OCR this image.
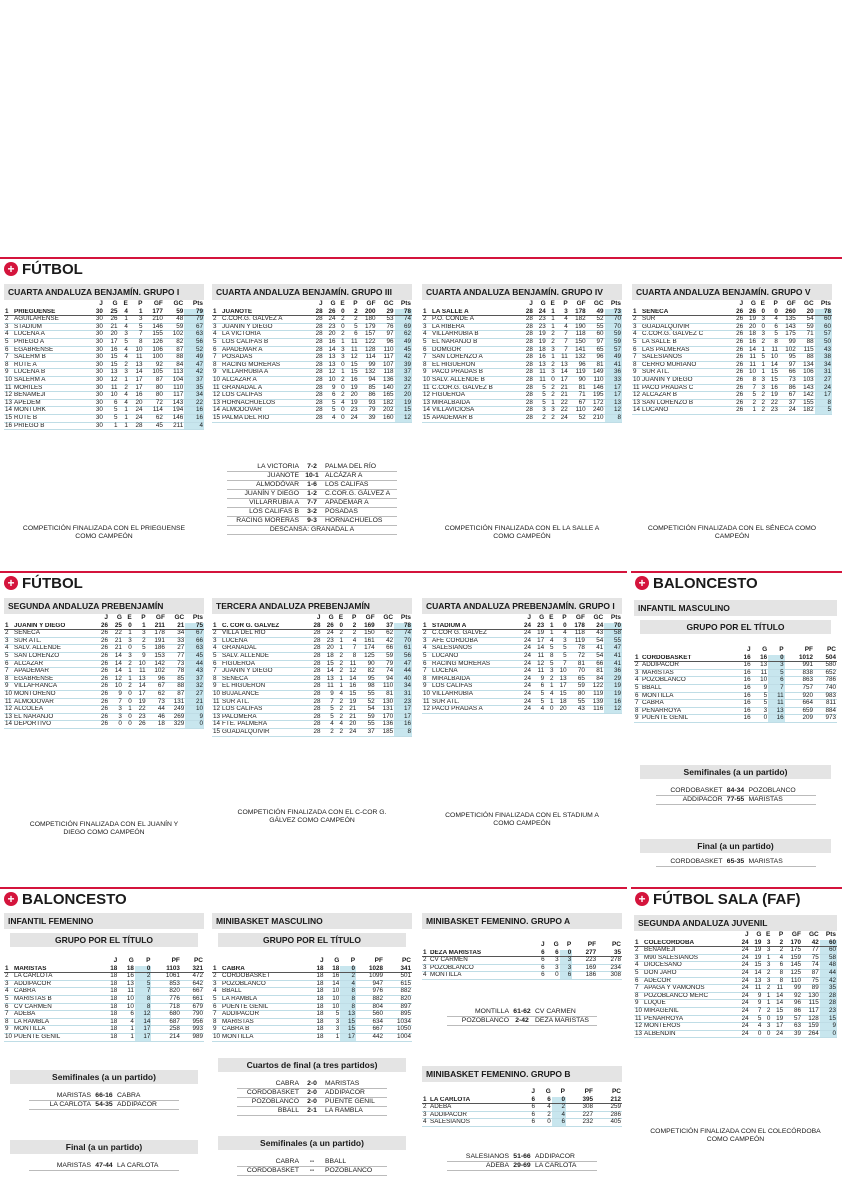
+ FÚTBOL
+ FÚTBOL	+ BALONCESTO
+ BALONCESTO	+ FÚTBOL SALA (FAF)
CUARTA ANDALUZA BENJAMÍN. GRUPO I
		J	G	E	P	GF	GC	Pts
1	PRIEGUENSE	30	25	4	1	177	59	79
2	AGUILARENSE	30	26	1	3	210	48	79
3	STADIUM	30	21	4	5	146	59	67
4	LUCENA A	30	20	3	7	155	102	63
5	PRIEGO A	30	17	5	8	126	82	56
6	EGABRENSE	30	16	4	10	106	87	52
7	SALERM B	30	15	4	11	100	88	49
8	RUTE A	30	15	2	13	92	84	47
9	LUCENA B	30	13	3	14	105	113	42
10	SALERM A	30	12	1	17	87	104	37
11	MORILES	30	11	2	17	80	110	35
12	BENAMEJÍ	30	10	4	16	80	117	34
13	APEDEM	30	6	4	20	72	143	22
14	MONTURK	30	5	1	24	114	194	16
15	RUTE B	30	5	1	24	62	146	16
16	PRIEGO B	30	1	1	28	45	211	4
COMPETICIÓN FINALIZADA CON EL PRIEGUENSE COMO CAMPEÓN
CUARTA ANDALUZA BENJAMÍN. GRUPO III
		J	G	E	P	GF	GC	Pts
1	JUANOTE	28	26	0	2	200	29	78
2	C.COR.G. GÁLVEZ A	28	24	2	2	180	53	74
3	JUANÍN Y DIEGO	28	23	0	5	179	76	69
4	LA VICTORIA	28	20	2	6	157	97	62
5	LOS CALIFAS B	28	16	1	11	122	96	49
6	APADEMAR A	28	14	3	11	128	110	45
7	POSADAS	28	13	3	12	114	117	42
8	RACING MORERAS	28	13	0	15	99	107	39
9	VILLARRUBIA A	28	12	1	15	132	118	37
10	ALCÁZAR A	28	10	2	16	94	136	32
11	GRANADAL A	28	9	0	19	85	140	27
12	LOS CALIFAS	28	6	2	20	86	165	20
13	HORNACHUELOS	28	5	4	19	93	182	19
14	ALMODÓVAR	28	5	0	23	79	202	15
15	PALMA DEL RÍO	28	4	0	24	39	160	12
LA VICTORIA	7-2	PALMA DEL RÍO
JUANOTE 10-1 ALCÁZAR A
ALMODÓVAR	1-6	LOS CALIFAS
JUANÍN Y DIEGO	1-2	C.COR.G. GÁLVEZ A
VILLARRUBIA A	7-7	APADEMAR A
LOS CALIFAS B	3-2	POSADAS
RACING MORERAS	9-3	HORNACHUELOS
DESCANSA: GRANADAL A
CUARTA ANDALUZA BENJAMÍN. GRUPO IV
		J	G	E	P	GF	GC	Pts
1	LA SALLE A	28	24	1	3	178	49	73
2	P.O. CONDE A	28	23	1	4	182	52	70
3	LA RIBERA	28	23	1	4	190	55	70
4	VILLARRUBIA B	28	19	2	7	118	60	59
5	EL NARANJO B	28	19	2	7	150	97	59
6	DOMGOR	28	18	3	7	141	65	57
7	SAN LORENZO A	28	16	1	11	132	96	49
8	EL HIGUERÓN	28	13	2	13	96	81	41
9	PACO PRADAS B	28	11	3	14	119	149	36
10	SALV. ALLENDE B	28	11	0	17	90	110	33
11	C.COR.G. GÁLVEZ B	28	5	2	21	81	146	17
12	FIGUEROA	28	5	2	21	71	195	17
13	MIRALBAIDA	28	5	1	22	67	172	13
14	VILLAVICIOSA	28	3	3	22	110	240	12
15	APADEMAR B	28	2	2	24	52	210	8
COMPETICIÓN FINALIZADA CON EL LA SALLE A COMO CAMPEÓN
CUARTA ANDALUZA BENJAMÍN. GRUPO V
		J	G	E	P	GF	GC	Pts
1	SÉNECA	26	26	0	0	260	20	78
2	SUR	26	19	3	4	135	54	60
3	GUADALQUIVIR	26	20	0	6	143	59	60
4	C.COR.G. GÁLVEZ C	26	18	3	5	175	71	57
5	LA SALLE B	26	16	2	8	99	88	50
6	LAS PALMERAS	26	14	1	11	102	115	43
7	SALESIANOS	26	11	5	10	95	88	38
8	CERRO MURIANO	26	11	1	14	97	134	34
9	SUR ATL.	26	10	1	15	66	106	31
10	JUANÍN Y DIEGO	26	8	3	15	73	103	27
11	PACO PRADAS C	26	7	3	16	86	143	24
12	ALCÁZAR B	26	5	2	19	67	142	17
13	SAN LORENZO B	26	2	2	22	37	155	8
14	LUCANO	26	1	2	23	24	182	5
COMPETICIÓN FINALIZADA CON EL SÉNECA COMO CAMPEÓN
SEGUNDA ANDALUZA PREBENJAMÍN
		J	G	E	P	GF	GC	Pts
1	JUANÍN Y DIEGO	26	25	0	1	211	21	75
2	SÉNECA	26	22	1	3	178	34	67
3	SUR ATL.	26	21	3	2	191	33	66
4	SALV. ALLENDE	26	21	0	5	186	27	63
5	SAN LORENZO	26	14	3	9	153	77	45
6	ALCÁZAR	26	14	2	10	142	73	44
7	APADEMAR	26	14	1	11	102	78	43
8	EGABRENSE	26	12	1	13	96	85	37
9	VILLAFRANCA	26	10	2	14	67	88	32
10	MONTOREÑO	26	9	0	17	62	87	27
11	ALMODÓVAR	26	7	0	19	73	131	21
12	ALCOLEA	26	3	1	22	44	249	10
13	EL NARANJO	26	3	0	23	46	269	9
14	DEPORTIVO	26	0	0	26	18	329	0
COMPETICIÓN FINALIZADA CON EL JUANÍN Y DIEGO COMO CAMPEÓN
TERCERA ANDALUZA PREBENJAMÍN
		J	G	E	P	GF	GC	Pts
1	C. COR G. GÁLVEZ	28	26	0	2	169	37	78
2	VILLA DEL RÍO	28	24	2	2	150	62	74
3	LUCENA	28	23	1	4	161	42	70
4	GRANADAL	28	20	1	7	174	66	61
5	SALV. ALLENDE	28	18	2	8	125	59	56
6	FIGUEROA	28	15	2	11	90	79	47
7	JUANÍN Y DIEGO	28	14	2	12	82	74	44
8	SÉNECA	28	13	1	14	95	94	40
9	EL HIGUERÓN	28	11	1	16	98	110	34
10	BUJALANCE	28	9	4	15	55	81	31
11	SUR ATL.	28	7	2	19	52	130	23
12	LOS CALIFAS	28	5	2	21	54	131	17
13	PALOMERA	28	5	2	21	59	170	17
14	FTE. PALMERA	28	4	4	20	55	136	16
15	GUADALQUIVIR	28	2	2	24	37	185	8
COMPETICIÓN FINALIZADA CON EL C-COR G. GÁLVEZ COMO CAMPEÓN
CUARTA ANDALUZA PREBENJAMÍN. GRUPO I
		J	G	E	P	GF	GC	Pts
1	STADIUM A	24	23	1	0	178	24	70
2	C.COR G. GÁLVEZ	24	19	1	4	118	43	58
3	AFE CÓRDOBA	24	17	4	3	119	54	55
4	SALESIANOS	24	14	5	5	78	41	47
5	LUCANO	24	11	8	5	72	54	41
6	RACING MORERAS	24	12	5	7	81	66	41
7	LUCENA	24	11	3	10	70	81	36
8	MIRALBAIDA	24	9	2	13	65	84	29
9	LOS CALIFAS	24	6	1	17	59	122	19
10	VILLARRUBIA	24	5	4	15	80	119	19
11	SUR ATL.	24	5	1	18	55	139	16
12	PACO PRADAS A	24	4	0	20	43	116	12
COMPETICIÓN FINALIZADA CON EL STADIUM A COMO CAMPEÓN
INFANTIL MASCULINO
GRUPO POR EL TÍTULO
		J	G	P	PF	PC
1	CORDOBASKET	16	16	0	1012	504
2	ADDIPACOR	16	13	3	991	580
3	MARISTAS	16	11	5	838	652
4	POZOBLANCO	16	10	6	863	786
5	BBALL	16	9	7	757	740
6	MONTILLA	16	5	11	920	983
7	CABRA	16	5	11	664	811
8	PEÑARROYA	16	3	13	659	884
9	PUENTE GENIL	16	0	16	209	973
Semifinales (a un partido)
CORDOBASKET 84-34 POZOBLANCO
ADDIPACOR 77-55 MARISTAS
Final (a un partido)
CORDOBASKET 65-35 MARISTAS
INFANTIL FEMENINO
GRUPO POR EL TÍTULO
		J	G	P	PF	PC
1	MARISTAS	18	18	0	1103	321
2	LA CARLOTA	18	16	2	1061	472
3	ADDIPACOR	18	13	5	853	642
4	CABRA	18	11	7	820	667
5	MARISTAS B	18	10	8	776	661
6	CV CARMEN	18	10	8	718	679
7	ADEBA	18	6	12	680	790
8	LA RAMBLA	18	4	14	687	956
9	MONTILLA	18	1	17	258	993
10	PUENTE GENIL	18	1	17	214	989
Semifinales (a un partido)
MARISTAS 66-16 CABRA
LA CARLOTA 54-35 ADDIPACOR
Final (a un partido)
MARISTAS 47-44 LA CARLOTA
MINIBASKET MASCULINO
GRUPO POR EL TÍTULO
		J	G	P	PF	PC
1	CABRA	18	18	0	1028	341
2	CORDOBASKET	18	16	2	1099	501
3	POZOBLANCO	18	14	4	947	615
4	BBALL	18	10	8	976	882
5	LA RAMBLA	18	10	8	882	820
6	PUENTE GENIL	18	10	8	804	897
7	ADDIPACOR	18	5	13	560	895
8	MARISTAS	18	3	15	634	1034
9	CABRA B	18	3	15	667	1050
10	MONTILLA	18	1	17	442	1004
Cuartos de final (a tres partidos)
CABRA	2-0	MARISTAS
CORDOBASKET	2-0	ADDIPACOR
POZOBLANCO	2-0	PUENTE GENIL
BBALL	2-1	LA RAMBLA
Semifinales (a un partido)
CABRA	--	BBALL
CORDOBASKET	--	POZOBLANCO
MINIBASKET FEMENINO. GRUPO A
		J	G	P	PF	PC
1	DEZA MARISTAS	6	6	0	277	35
2	CV CARMEN	6	3	3	223	278
3	POZOBLANCO	6	3	3	169	234
4	MONTILLA	6	0	6	186	308
MONTILLA 61-62 CV CARMEN
POZOBLANCO 2-42 DEZA MARISTAS
MINIBASKET FEMENINO. GRUPO B
		J	G	P	PF	PC
1	LA CARLOTA	6	6	0	395	212
2	ADEBA	6	4	2	308	259
3	ADDIPACOR	6	2	4	227	286
4	SALESIANOS	6	0	6	232	405
SALESIANOS 51-66 ADDIPACOR
ADEBA 29-69 LA CARLOTA
SEGUNDA ANDALUZA JUVENIL
		J	G	E	P	GF	GC	Pts
1	COLECÓRDOBA	24	19	3	2	170	42	60
2	BENAMEJÍ	24	19	3	2	175	77	60
3	M90 SALESIANOS	24	19	1	4	159	75	58
4	DIOCESANO	24	15	3	6	145	74	48
5	DON JARO	24	14	2	8	125	87	44
6	ADECOR	24	13	3	8	110	75	42
7	APAGA Y VÁMONOS	24	11	2	11	99	89	35
8	POZOBLANCO MERC	24	9	1	14	92	130	28
9	LUQUE	24	9	1	14	96	115	28
10	MIRAGENIL	24	7	2	15	86	117	23
11	PEÑARROYA	24	5	0	19	57	128	15
12	MONTEROS	24	4	3	17	63	159	9
13	ALBENDÍN	24	0	0	24	39	264	0
COMPETICIÓN FINALIZADA CON EL COLECÓRDOBA COMO CAMPEÓN
